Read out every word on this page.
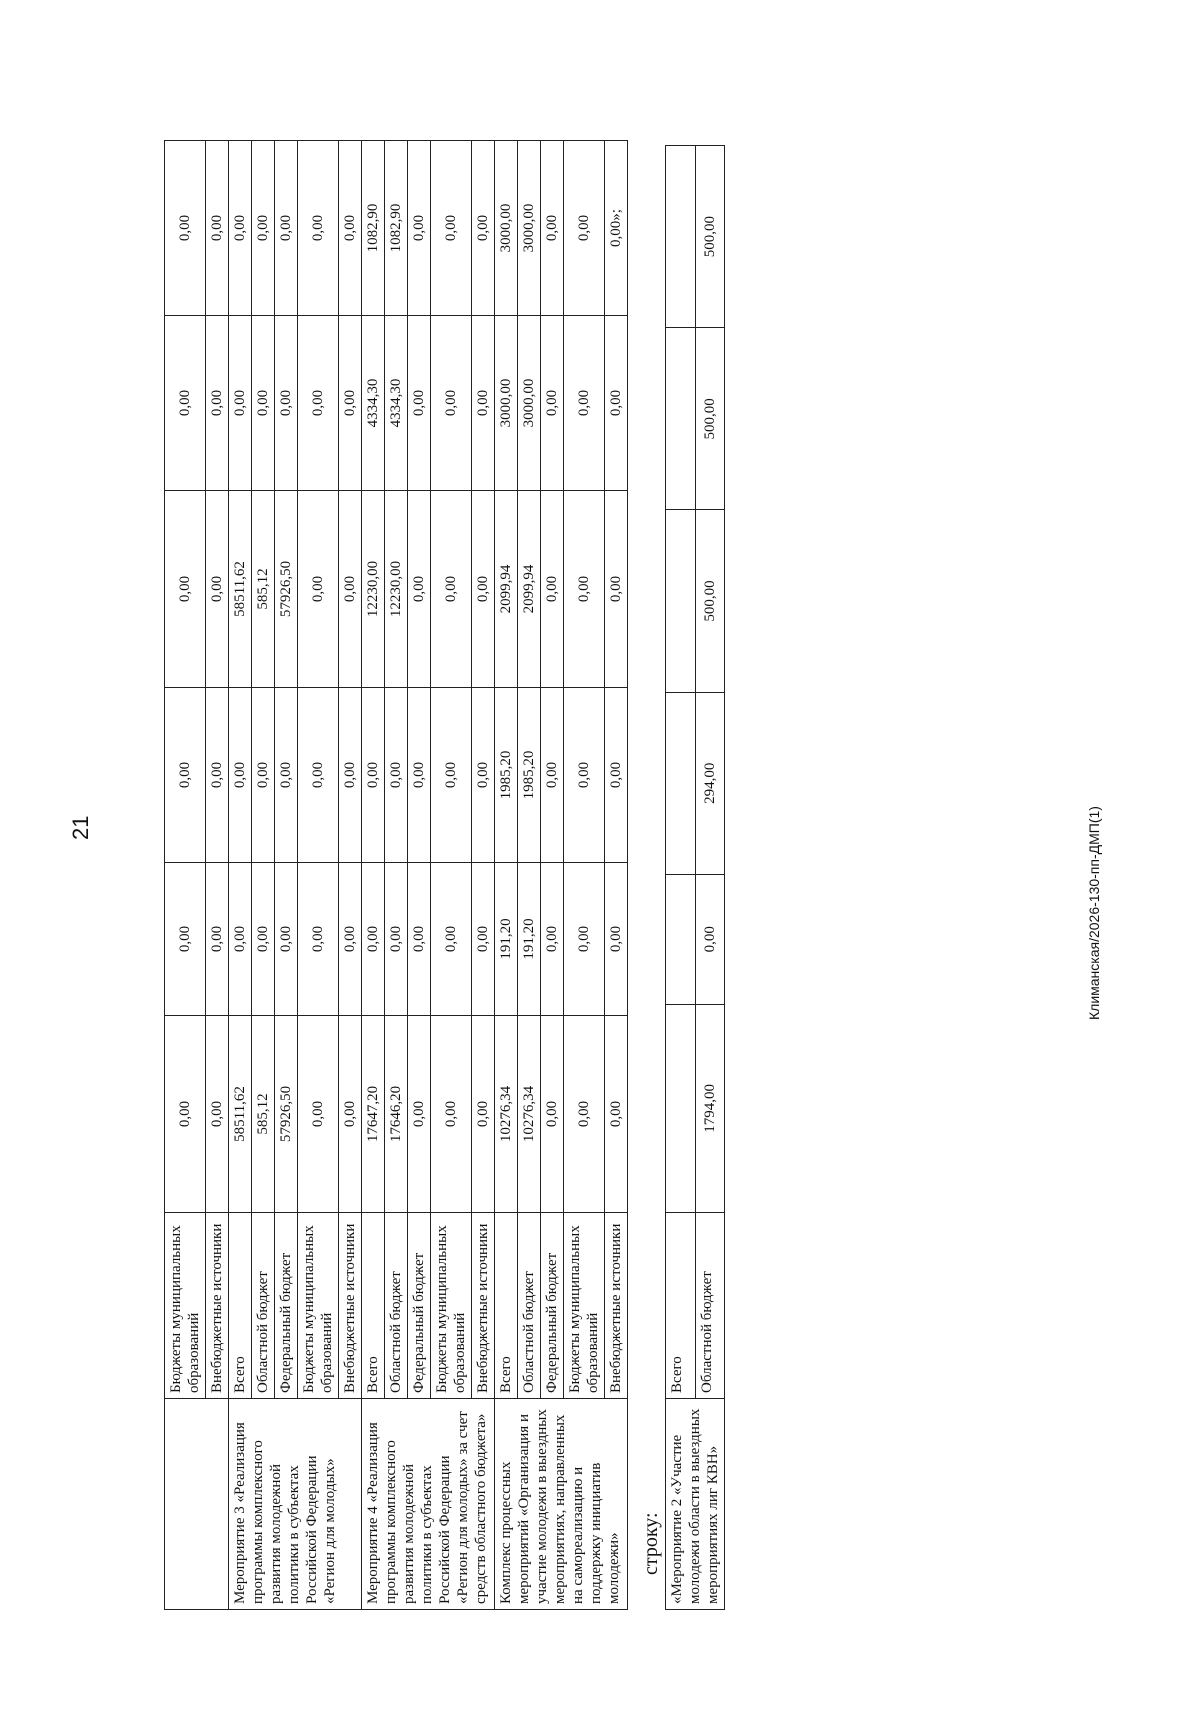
21	Климанская/2026-130-пп-ДМП(1)
	Бюджеты муниципальных образований	0,00	0,00	0,00	0,00	0,00	0,00
	Внебюджетные источники	0,00	0,00	0,00	0,00	0,00	0,00
Мероприятие 3 «Реализация программы комплексного развития молодежной политики в субъектах Российской Федерации «Регион для молодых»	Всего	58511,62	0,00	0,00	58511,62	0,00	0,00
	Областной бюджет	585,12	0,00	0,00	585,12	0,00	0,00
	Федеральный бюджет	57926,50	0,00	0,00	57926,50	0,00	0,00
	Бюджеты муниципальных образований	0,00	0,00	0,00	0,00	0,00	0,00
	Внебюджетные источники	0,00	0,00	0,00	0,00	0,00	0,00
Мероприятие 4 «Реализация программы комплексного развития молодежной политики в субъектах Российской Федерации «Регион для молодых» за счет средств областного бюджета»	Всего	17647,20	0,00	0,00	12230,00	4334,30	1082,90
	Областной бюджет	17646,20	0,00	0,00	12230,00	4334,30	1082,90
	Федеральный бюджет	0,00	0,00	0,00	0,00	0,00	0,00
	Бюджеты муниципальных образований	0,00	0,00	0,00	0,00	0,00	0,00
	Внебюджетные источники	0,00	0,00	0,00	0,00	0,00	0,00
Комплекс процессных мероприятий «Организация и участие молодежи в выездных мероприятиях, направленных на самореализацию и поддержку инициатив молодежи»	Всего	10276,34	191,20	1985,20	2099,94	3000,00	3000,00
	Областной бюджет	10276,34	191,20	1985,20	2099,94	3000,00	3000,00
	Федеральный бюджет	0,00	0,00	0,00	0,00	0,00	0,00
	Бюджеты муниципальных образований	0,00	0,00	0,00	0,00	0,00	0,00
	Внебюджетные источники	0,00	0,00	0,00	0,00	0,00	0,00»;
строку: «Мероприятие 2 «Участие молодежи области в выездных мероприятиях лиг КВН»	Всего						
	Областной бюджет	1794,00	0,00	294,00	500,00	500,00	500,00
